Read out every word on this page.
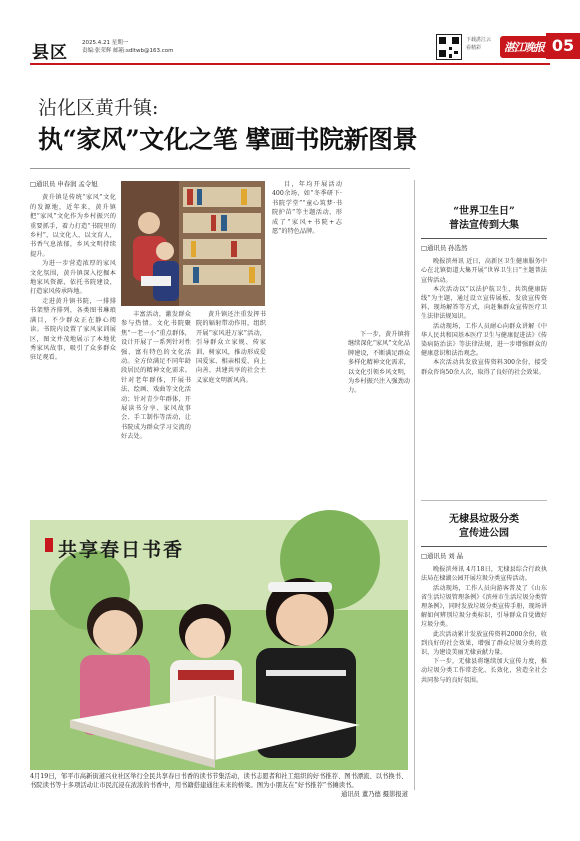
县区	2025.4.21 星期一
责编:张荣辉 邮箱:sdltwb@163.com
下载湛江云
看精彩	湛江晚报 05
沾化区黄升镇:
执“家风”文化之笔 擘画书院新图景

□通讯员 申春润 孟令旭

黄升镇是传统“家风”文化的发源地，近年来，黄升镇把“家风”文化作为乡村振兴的重要抓手，着力打造“书院里的乡村”，以文化人、以文育人，书香气息浓郁，乡风文明持续提升。

为进一步营造浓厚的家风文化氛围，黄升镇深入挖掘本地家风资源，依托书院建设，打造家风传承阵地。

走进黄升镇书院，一排排书架整齐排列，各类图书琳琅满目，不少群众正在静心阅读。书院内设置了家风家训展区，图文并茂地展示了本地优秀家风故事，吸引了众多群众驻足观看。

丰富活动，激发群众参与热情。文化书院聚焦“一老一小”重点群体，设计开展了一系列针对性强、富有特色的文化活动。全方位满足不同年龄段居民的精神文化需求。针对老年群体，开展书法、绘画、戏曲等文化活动；针对青少年群体，开展读书分享、家风故事会、手工制作等活动，让书院成为群众学习交流的好去处。

黄升镇还注重发挥书院的辐射带动作用，组织开展“家风进万家”活动，引导群众立家规、传家训、树家风，推动形成爱国爱家、相亲相爱、向上向善、共建共享的社会主义家庭文明新风尚。

目，年均开展活动400余场，如“冬季研下·书院学堂”“童心筑梦·书院护苗”等主题活动，形成了“家风+书院+志愿”的特色品牌。

下一步，黄升镇将继续深化“家风”文化品牌建设，不断满足群众多样化精神文化需求，以文化引领乡风文明，为乡村振兴注入强劲动力。

共享春日书香
4月19日，邹平市高新街道兴业社区举行全民共享春日书香的读书节集活动，读书志愿者和社工组织的好书推荐、图书漂流、以书换书、书院读书等十多项活动让市民沉浸在浓浓的书香中，用书籍搭建通往未来的桥梁。图为小朋友在“好书推荐”书摊读书。
通讯员 董乃德 摄影报道
“世界卫生日”
普法宣传到大集

□通讯员 孙选然

晚报滨州讯 近日，高新区卫生健康服务中心在北镇街道大集开展“世界卫生日”主题普法宣传活动。

本次活动以“以法护航卫生，共筑健康防线”为主题，通过设立宣传展板、发放宣传资料、现场解答等方式，向赶集群众宣传医疗卫生法律法规知识。

活动现场，工作人员耐心向群众讲解《中华人民共和国基本医疗卫生与健康促进法》《传染病防治法》等法律法规，进一步增强群众的健康意识和法治观念。

本次活动共发放宣传资料300余份，接受群众咨询50余人次，取得了良好的社会效果。

无棣县垃圾分类
宣传进公园

□通讯员 刘 晶

晚报滨州讯 4月18日，无棣县综合行政执法局在棣湖公园开展垃圾分类宣传活动。

活动现场，工作人员向游客普及了《山东省生活垃圾管理条例》《滨州市生活垃圾分类管理条例》，同时发放垃圾分类宣传手册，现场讲解如何辨别垃圾分类标识，引导群众自觉做好垃圾分类。

此次活动累计发放宣传资料2000余份，收到良好的社会效果，增强了群众垃圾分类的意识，为建设美丽无棣贡献力量。

下一步，无棣县将继续加大宣传力度，推动垃圾分类工作常态化、长效化，营造全社会共同参与的良好氛围。
